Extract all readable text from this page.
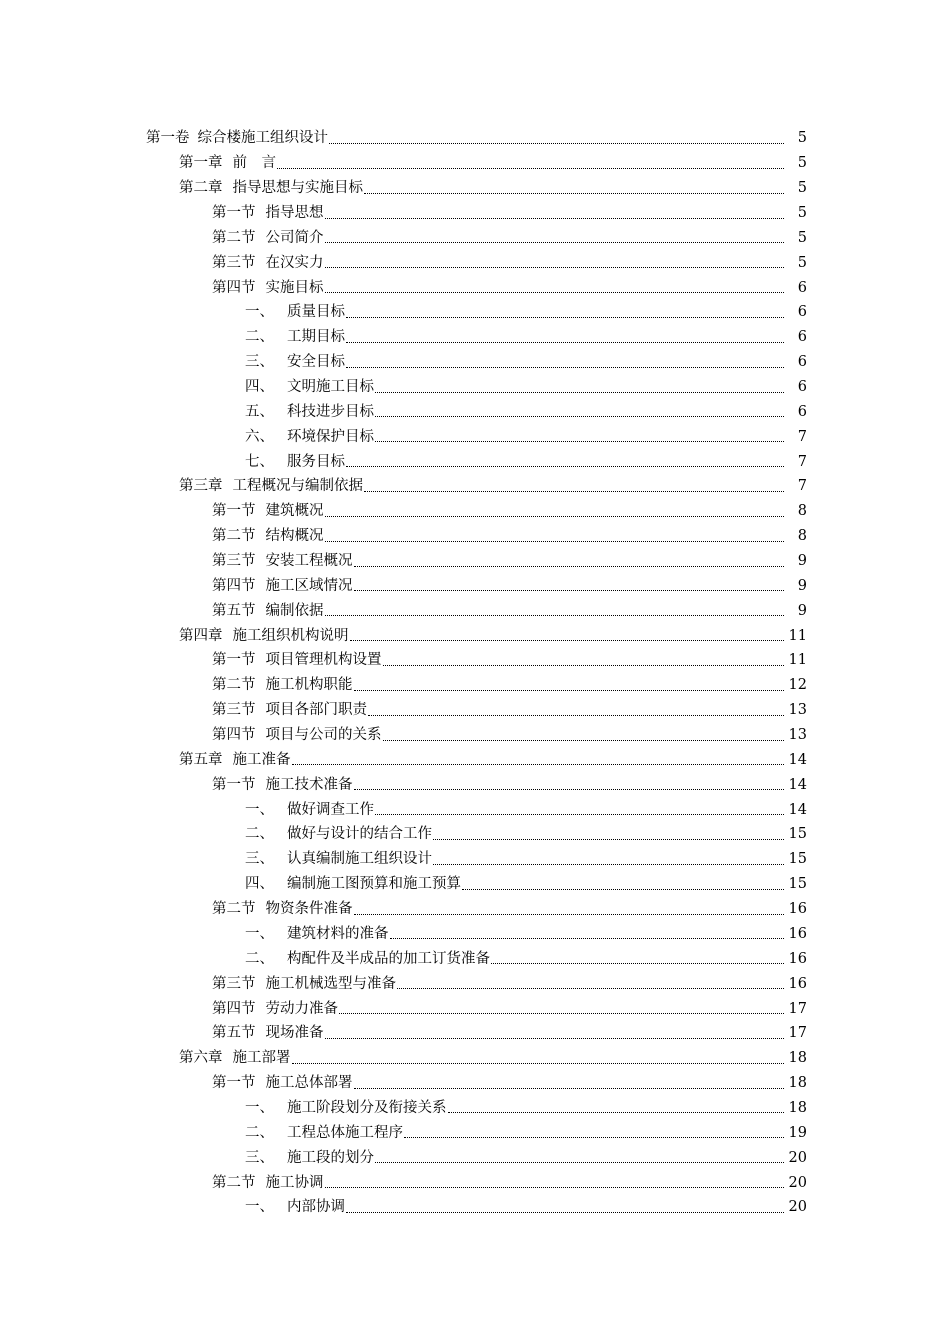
第一卷 综合楼施工组织设计	5
第一章 前　言	5
第二章 指导思想与实施目标	5
第一节 指导思想	5
第二节 公司简介	5
第三节 在汉实力	5
第四节 实施目标	6
一、 质量目标	6
二、 工期目标	6
三、 安全目标	6
四、 文明施工目标	6
五、 科技进步目标	6
六、 环境保护目标	7
七、 服务目标	7
第三章 工程概况与编制依据	7
第一节 建筑概况	8
第二节 结构概况	8
第三节 安装工程概况	9
第四节 施工区域情况	9
第五节 编制依据	9
第四章 施工组织机构说明	11
第一节 项目管理机构设置	11
第二节 施工机构职能	12
第三节 项目各部门职责	13
第四节 项目与公司的关系	13
第五章 施工准备	14
第一节 施工技术准备	14
一、 做好调查工作	14
二、 做好与设计的结合工作	15
三、 认真编制施工组织设计	15
四、 编制施工图预算和施工预算	15
第二节 物资条件准备	16
一、 建筑材料的准备	16
二、 构配件及半成品的加工订货准备	16
第三节 施工机械选型与准备	16
第四节 劳动力准备	17
第五节 现场准备	17
第六章 施工部署	18
第一节 施工总体部署	18
一、 施工阶段划分及衔接关系	18
二、 工程总体施工程序	19
三、 施工段的划分	20
第二节 施工协调	20
一、 内部协调	20
